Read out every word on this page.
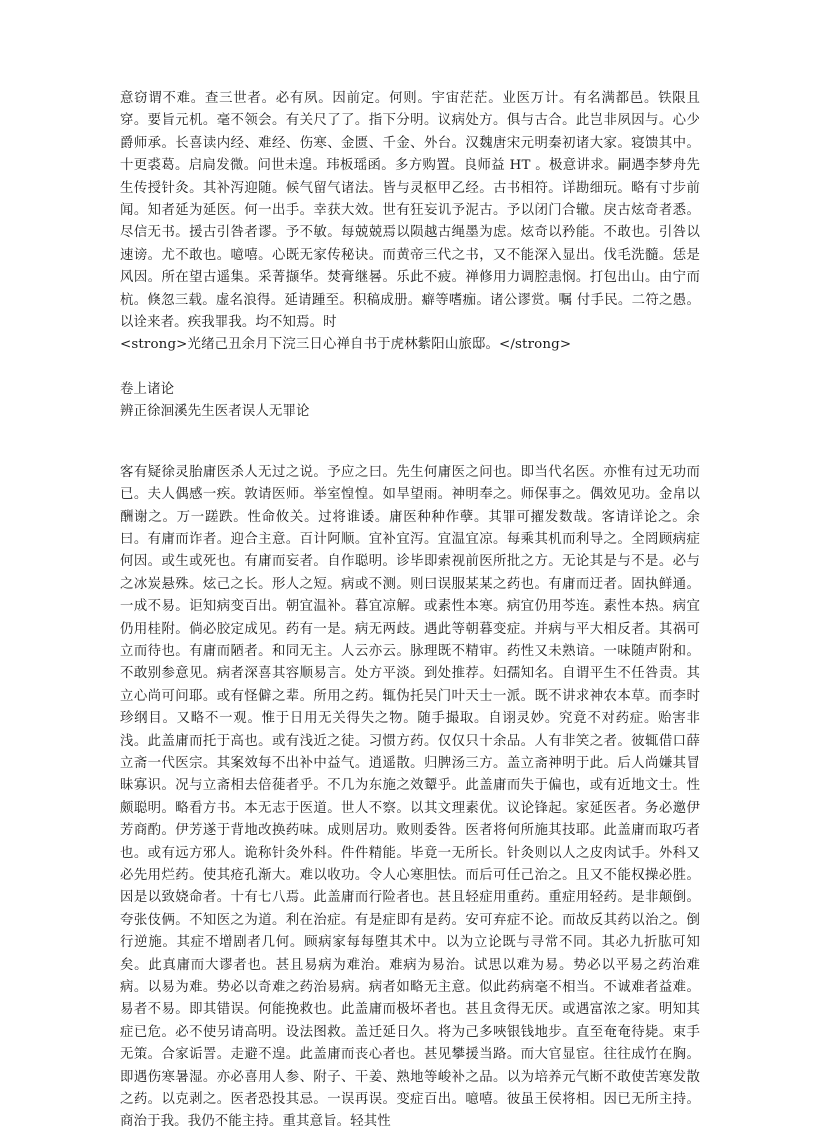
意窃谓不难。查三世者。必有夙。因前定。何则。宇宙茫茫。业医万计。有名满都邑。铁限且穿。要旨元机。毫不领会。有关尺了了。指下分明。议病处方。俱与古合。此岂非夙因与。心少爵师承。长喜读内经、难经、伤寒、金匮、千金、外台。汉魏唐宋元明秦初诸大家。寝馈其中。十更裘葛。启扃发微。问世未遑。玮板瑶函。多方购置。良师益 HT 。极意讲求。嗣遇李梦舟先生传授针灸。其补泻迎随。候气留气诸法。皆与灵枢甲乙经。古书相符。详勘细玩。略有寸步前闻。知者延为延医。何一出手。幸获大效。世有狂妄讥予泥古。予以闭门合辙。戾古炫奇者悉。尽信无书。援古引咎者谬。予不敏。每兢兢焉以陨越古绳墨为虑。炫奇以矜能。不敢也。引咎以速谤。尤不敢也。噫嘻。心既无家传秘诀。而黄帝三代之书，又不能深入显出。伐毛洗髓。恁是风因。所在望古遥集。采菁撷华。焚膏继晷。乐此不疲。禅修用力调腔恚悯。打包出山。由宁而杭。倏忽三载。虚名浪得。延请踵至。积稿成册。癖等嗜痂。诸公谬赏。嘱 付手民。二符之愚。以诠来者。疾我罪我。均不知焉。时

<strong>光绪己丑余月下浣三日心禅自书于虎林紫阳山旅邸。</strong>

卷上诸论
辨正徐洄溪先生医者误人无罪论

客有疑徐灵胎庸医杀人无过之说。予应之曰。先生何庸医之问也。即当代名医。亦惟有过无功而已。夫人偶感一疾。敦请医师。举室惶惶。如旱望雨。神明奉之。师保事之。偶效见功。金帛以酬谢之。万一蹉跌。性命攸关。过将谁诿。庸医种种作孽。其罪可擢发数哉。客请详论之。余曰。有庸而诈者。迎合主意。百计阿顺。宜补宜泻。宜温宜凉。每乘其机而利导之。全罔顾病症何因。或生或死也。有庸而妄者。自作聪明。诊毕即索视前医所批之方。无论其是与不是。必与之冰炭悬殊。炫己之长。形人之短。病或不测。则曰误服某某之药也。有庸而迂者。固执鲜通。一成不易。讵知病变百出。朝宜温补。暮宜凉解。或素性本寒。病宜仍用芩连。素性本热。病宜仍用桂附。倘必胶定成见。药有一是。病无两歧。遇此等朝暮变症。并病与平大相反者。其祸可立而待也。有庸而陋者。和同无主。人云亦云。脉理既不精审。药性又未熟谙。一味随声附和。不敢别参意见。病者深喜其容顺易言。处方平淡。到处推荐。妇孺知名。自谓平生不任咎责。其立心尚可问耶。或有怪僻之辈。所用之药。辄伪托吴门叶天士一派。既不讲求神农本草。而李时珍纲目。又略不一观。惟于日用无关得失之物。随手撮取。自诩灵妙。究竟不对药症。贻害非浅。此盖庸而托于高也。或有浅近之徒。习惯方药。仅仅只十余品。人有非笑之者。彼辄借口薛立斋一代医宗。其案效每不出补中益气。逍遥散。归脾汤三方。盖立斋神明于此。后人尚嫌其冒昧寡识。况与立斋相去倍蓰者乎。不几为东施之效颦乎。此盖庸而失于偏也，或有近地文士。性颇聪明。略看方书。本无志于医道。世人不察。以其文理素优。议论锋起。家延医者。务必邀伊芳商酌。伊芳遂于背地改换药味。成则居功。败则委咎。医者将何所施其技耶。此盖庸而取巧者也。或有远方邪人。诡称针灸外科。件件精能。毕竟一无所长。针灸则以人之皮肉试手。外科又必先用烂药。使其疮孔渐大。难以收功。令人心寒胆怯。而后可任己治之。且又不能权操必胜。因是以致娆命者。十有七八焉。此盖庸而行险者也。甚且轻症用重药。重症用轻药。是非颠倒。夸张伎俩。不知医之为道。利在治症。有是症即有是药。安可弃症不论。而故反其药以治之。倒行逆施。其症不增剧者几何。顾病家每每堕其术中。以为立论既与寻常不同。其必九折肱可知矣。此真庸而大谬者也。甚且易病为难治。难病为易治。试思以难为易。势必以平易之药治难病。以易为难。势必以奇难之药治易病。病者如略无主意。似此药病毫不相当。不诚难者益难。易者不易。即其错误。何能挽救也。此盖庸而极坏者也。甚且贪得无厌。或遇富浓之家。明知其症已危。必不使另请高明。设法图救。盖迁延日久。将为己多唊银钱地步。直至奄奄待毙。束手无策。合家诟詈。走避不遑。此盖庸而丧心者也。甚见攀援当路。而大官显宦。往往成竹在胸。即遇伤寒暑湿。亦必喜用人参、附子、干姜、熟地等峻补之品。以为培养元气断不敢使苦寒发散之药。以克剥之。医者恐投其忌。一误再误。变症百出。噫嘻。彼虽王侯将相。因已无所主持。商治于我。我仍不能主持。重其意旨。轻其性
